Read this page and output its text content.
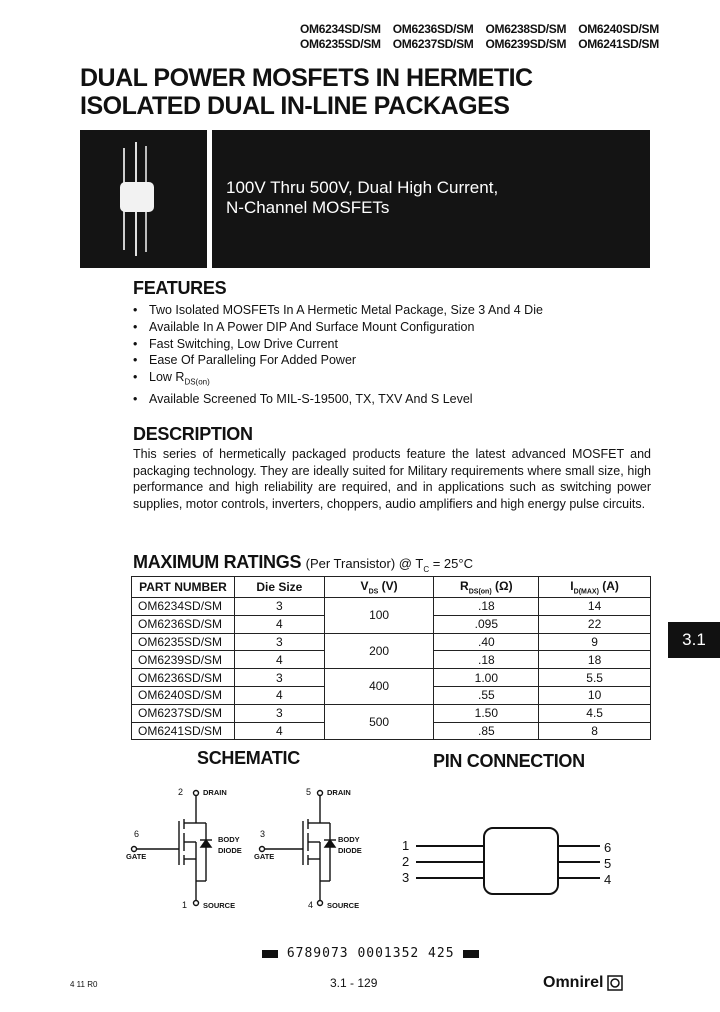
OM6234SD/SM OM6236SD/SM OM6238SD/SM OM6240SD/SM
OM6235SD/SM OM6237SD/SM OM6239SD/SM OM6241SD/SM
DUAL POWER MOSFETS IN HERMETIC
ISOLATED DUAL IN-LINE PACKAGES
100V Thru 500V, Dual High Current,
N-Channel MOSFETs
FEATURES
• Two Isolated MOSFETs In A Hermetic Metal Package, Size 3 And 4 Die
• Available In A Power DIP And Surface Mount Configuration
• Fast Switching, Low Drive Current
• Ease Of Paralleling For Added Power
• Low $R_{DS(on)}$
• Available Screened To MIL-S-19500, TX, TXV And S Level
DESCRIPTION
This series of hermetically packaged products feature the latest advanced MOSFET and packaging technology. They are ideally suited for Military requirements where small size, high performance and high reliability are required, and in applications such as switching power supplies, motor controls, inverters, choppers, audio amplifiers and high energy pulse circuits.
MAXIMUM RATINGS (Per Transistor) @ $T_C = 25^\circ C$
PART NUMBER	Die Size	$V_{DS}$ (V)	$R_{DS(on)}$ (Ω)	$I_{D(MAX)}$ (A)
OM6234SD/SM	3	100	.18	14
OM6236SD/SM	4		.095	22
OM6235SD/SM	3	200	.40	9
OM6239SD/SM	4		.18	18
OM6236SD/SM	3	400	1.00	5.5
OM6240SD/SM	4		.55	10
OM6237SD/SM	3	500	1.50	4.5
OM6241SD/SM	4		.85	8
3.1
SCHEMATIC	PIN CONNECTION
2	DRAIN
6
GATE
BODY
DIODE
1 SOURCE
5 DRAIN
3
GATE
BODY
DIODE
4 SOURCE
1
2
3
6
5
4
6789073 0001352 425
4 11 R0	3.1 - 129	Omnirel
